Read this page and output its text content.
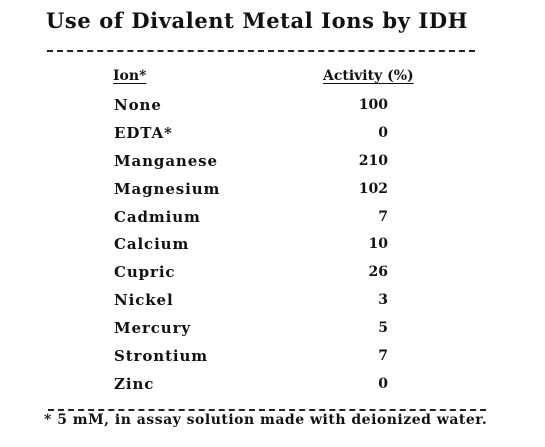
Use of Divalent Metal Ions by IDH
Ion*	Activity (%)
None	100
EDTA*	0
Manganese	210
Magnesium	102
Cadmium	7
Calcium	10
Cupric	26
Nickel	3
Mercury	5
Strontium	7
Zinc	0
* 5 mM, in assay solution made with deionized water.
